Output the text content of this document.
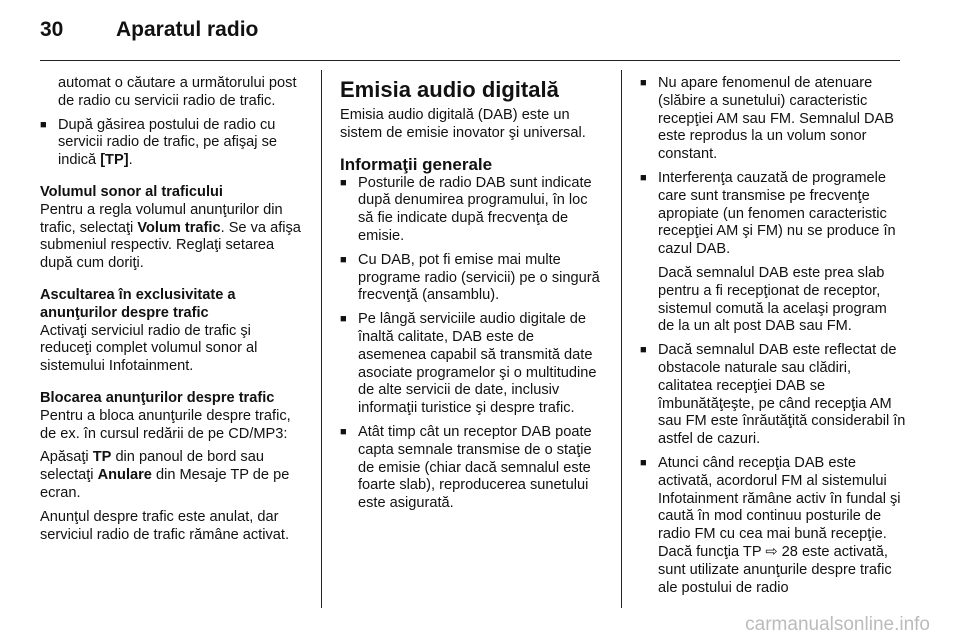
30	Aparatul radio

automat o căutare a următorului post de radio cu servicii radio de trafic.

■ După găsirea postului de radio cu servicii radio de trafic, pe afişaj se indică [TP].

Volumul sonor al traficului

Pentru a regla volumul anunţurilor din trafic, selectaţi Volum trafic. Se va afişa submeniul respectiv. Reglaţi setarea după cum doriţi.

Ascultarea în exclusivitate a anunţurilor despre trafic

Activaţi serviciul radio de trafic şi reduceţi complet volumul sonor al sistemului Infotainment.

Blocarea anunţurilor despre trafic

Pentru a bloca anunţurile despre trafic, de ex. în cursul redării de pe CD/MP3:

Apăsaţi TP din panoul de bord sau selectaţi Anulare din Mesaje TP de pe ecran.

Anunţul despre trafic este anulat, dar serviciul radio de trafic rămâne activat.

Emisia audio digitală

Emisia audio digitală (DAB) este un sistem de emisie inovator şi universal.

Informaţii generale

■ Posturile de radio DAB sunt indicate după denumirea programului, în loc să fie indicate după frecvenţa de emisie.
■ Cu DAB, pot fi emise mai multe programe radio (servicii) pe o singură frecvenţă (ansamblu).
■ Pe lângă serviciile audio digitale de înaltă calitate, DAB este de asemenea capabil să transmită date asociate programelor şi o multitudine de alte servicii de date, inclusiv informaţii turistice şi despre trafic.
■ Atât timp cât un receptor DAB poate capta semnale transmise de o staţie de emisie (chiar dacă semnalul este foarte slab), reproducerea sunetului este asigurată.
■ Nu apare fenomenul de atenuare (slăbire a sunetului) caracteristic recepţiei AM sau FM. Semnalul DAB este reprodus la un volum sonor constant.
■ Interferenţa cauzată de programele care sunt transmise pe frecvenţe apropiate (un fenomen caracteristic recepţiei AM şi FM) nu se produce în cazul DAB.

Dacă semnalul DAB este prea slab pentru a fi recepţionat de receptor, sistemul comută la acelaşi program de la un alt post DAB sau FM.

■ Dacă semnalul DAB este reflectat de obstacole naturale sau clădiri, calitatea recepţiei DAB se îmbunătăţeşte, pe când recepţia AM sau FM este înrăutăţită considerabil în astfel de cazuri.
■ Atunci când recepţia DAB este activată, acordorul FM al sistemului Infotainment rămâne activ în fundal şi caută în mod continuu posturile de radio FM cu cea mai bună recepţie. Dacă funcţia TP ⇨ 28 este activată, sunt utilizate anunţurile despre trafic ale postului de radio
carmanualsonline.info
